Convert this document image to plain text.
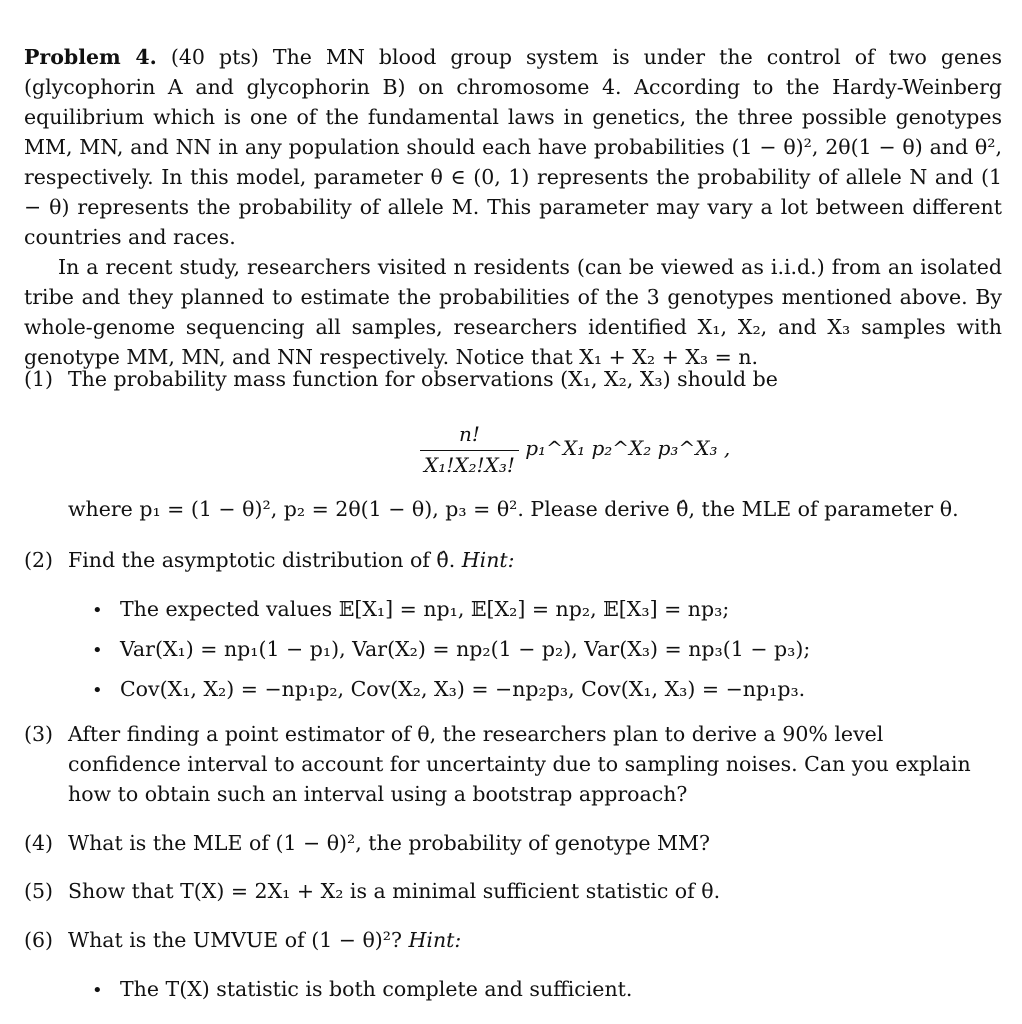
Problem 4. (40 pts) The MN blood group system is under the control of two genes (glycophorin A and glycophorin B) on chromosome 4. According to the Hardy-Weinberg equilibrium which is one of the fundamental laws in genetics, the three possible genotypes MM, MN, and NN in any population should each have probabilities (1 − θ)², 2θ(1 − θ) and θ², respectively. In this model, parameter θ ∈ (0, 1) represents the probability of allele N and (1 − θ) represents the probability of allele M. This parameter may vary a lot between different countries and races.

In a recent study, researchers visited n residents (can be viewed as i.i.d.) from an isolated tribe and they planned to estimate the probabilities of the 3 genotypes mentioned above. By whole-genome sequencing all samples, researchers identified X₁, X₂, and X₃ samples with genotype MM, MN, and NN respectively. Notice that X₁ + X₂ + X₃ = n.

(1) The probability mass function for observations (X₁, X₂, X₃) should be
$\frac{n!}{\text{X₁!X₂!X₃!}}$ p₁^X₁ p₂^X₂ p₃^X₃ ,
where p₁ = (1 − θ)², p₂ = 2θ(1 − θ), p₃ = θ². Please derive θ̂, the MLE of parameter θ.
(2) Find the asymptotic distribution of θ̂. Hint:
• The expected values 𝔼[X₁] = np₁, 𝔼[X₂] = np₂, 𝔼[X₃] = np₃;
• Var(X₁) = np₁(1 − p₁), Var(X₂) = np₂(1 − p₂), Var(X₃) = np₃(1 − p₃);
• Cov(X₁, X₂) = −np₁p₂, Cov(X₂, X₃) = −np₂p₃, Cov(X₁, X₃) = −np₁p₃.
(3) After finding a point estimator of θ, the researchers plan to derive a 90% level confidence interval to account for uncertainty due to sampling noises. Can you explain how to obtain such an interval using a bootstrap approach?
(4) What is the MLE of (1 − θ)², the probability of genotype MM?
(5) Show that T(X) = 2X₁ + X₂ is a minimal sufficient statistic of θ.
(6) What is the UMVUE of (1 − θ)²? Hint:
• The T(X) statistic is both complete and sufficient.
